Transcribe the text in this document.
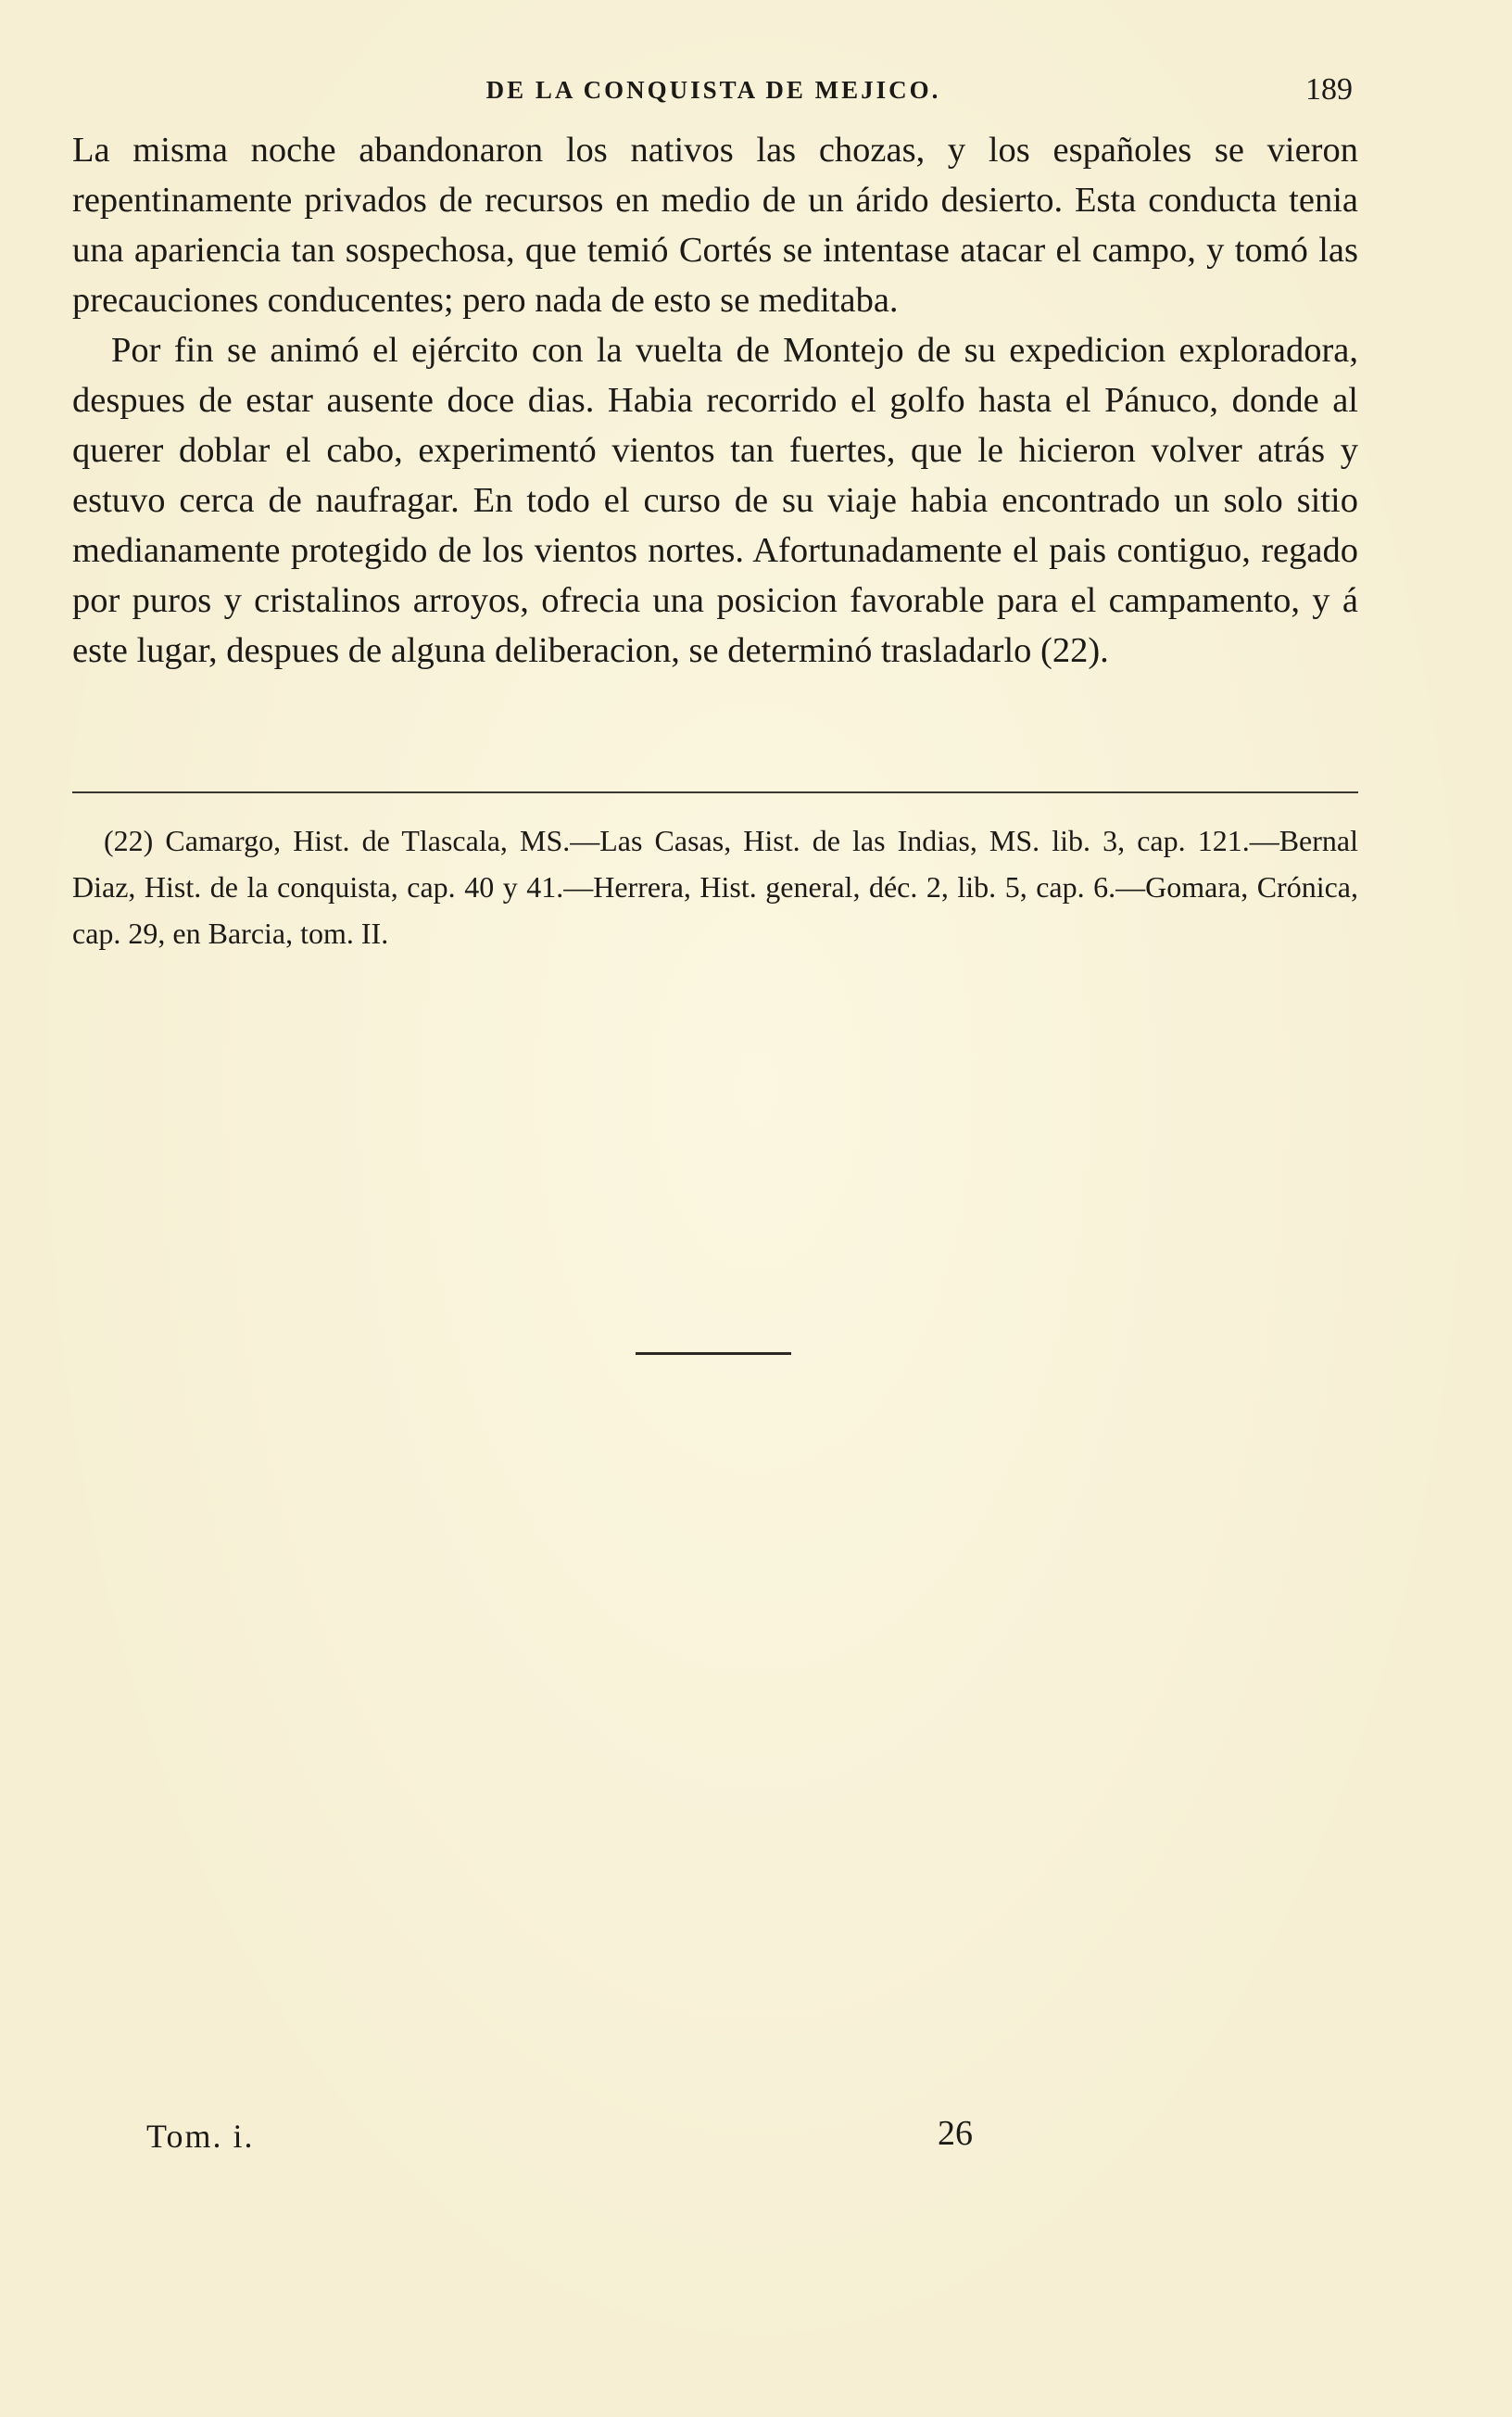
DE LA CONQUISTA DE MEJICO.	189

La misma noche abandonaron los nativos las chozas, y los españoles se vieron repentinamente privados de recursos en medio de un árido desierto. Esta conducta tenia una apariencia tan sospechosa, que temió Cortés se intentase atacar el campo, y tomó las precauciones conducentes; pero nada de esto se meditaba.

Por fin se animó el ejército con la vuelta de Montejo de su expedicion exploradora, despues de estar ausente doce dias. Habia recorrido el golfo hasta el Pánuco, donde al querer doblar el cabo, experimentó vientos tan fuertes, que le hicieron volver atrás y estuvo cerca de naufragar. En todo el curso de su viaje habia encontrado un solo sitio medianamente protegido de los vientos nortes. Afortunadamente el pais contiguo, regado por puros y cristalinos arroyos, ofrecia una posicion favorable para el campamento, y á este lugar, despues de alguna deliberacion, se determinó trasladarlo (22).

(22) Camargo, Hist. de Tlascala, MS.—Las Casas, Hist. de las Indias, MS. lib. 3, cap. 121.—Bernal Diaz, Hist. de la conquista, cap. 40 y 41.—Herrera, Hist. general, déc. 2, lib. 5, cap. 6.—Gomara, Crónica, cap. 29, en Barcia, tom. II.

Tom. i.	26
